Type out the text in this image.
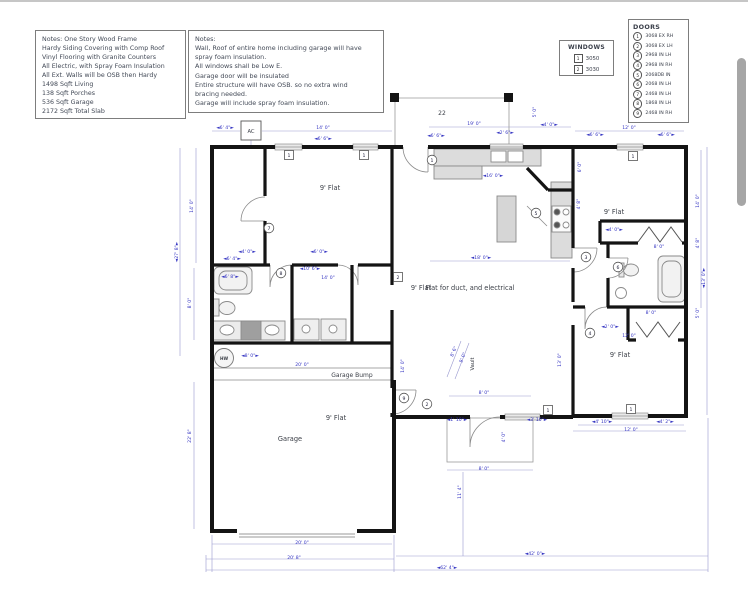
9' Flat
9' Flat
9' Flat
Flat for duct, and electrical
9' Flat
9' Flat
Garage
Garage Bump
Vault
22
AC
HW
◄6' 4"►	14' 0"
◄6' 6"►
19' 0"
◄6' 6"►
◄2' 6"►
◄4' 0"►
5' 0"
12' 0"
◄6' 6"►	◄6' 6"►
14' 0"
◄27' 8"►
8' 0"
22' 8"
6' 0"
4' 8"	14' 0"
4' 8"
◄13' 0"►
5' 0"
◄16' 0"►
◄18' 0"►
◄4' 0"►	◄6' 0"►
◄6' 4"►
◄6' 8"►
◄10' 6"►
14' 0"
◄8' 0"►
20' 0"
◄4' 0"►
8' 0"
8' 0"
◄2' 0"►
12' 0"
8' 6"
9' 0"
14' 0"	13' 0"
8' 0"
◄1' 10"►	◄3' 10"►
4' 0"
8' 0"
11' 4"
◄4' 10"►	◄4' 2"►
12' 0"
20' 0"
20' 8"
◄42' 0"►
◄62' 4"►
1	1	1
2
1	1
1
2
3
4
5
6
7
8
9
Notes: One Story Wood Frame
Hardy Siding Covering with Comp Roof
Vinyl Flooring with Granite Counters
All Electric, with Spray Foam Insulation
All Ext. Walls will be OSB then Hardy
1498 Sqft Living
138 Sqft Porches
536 Sqft Garage
2172 Sqft Total Slab
Notes:
Wall, Roof of entire home including garage will have
spray foam insulation.
All windows shall be Low E.
Garage door will be insulated
Entire structure will have OSB. so no extra wind
bracing needed.
Garage will include spray foam insulation.
WINDOWS
1	3050
2	3030
DOORS
1	3068 EX RH
2	3068 EX LH
3	2968 IN LH
4	2968 IN RH
5	2068DB IN
6	2068 IN LH
7	2468 IN LH
8	1868 IN LH
9	2468 IN RH
